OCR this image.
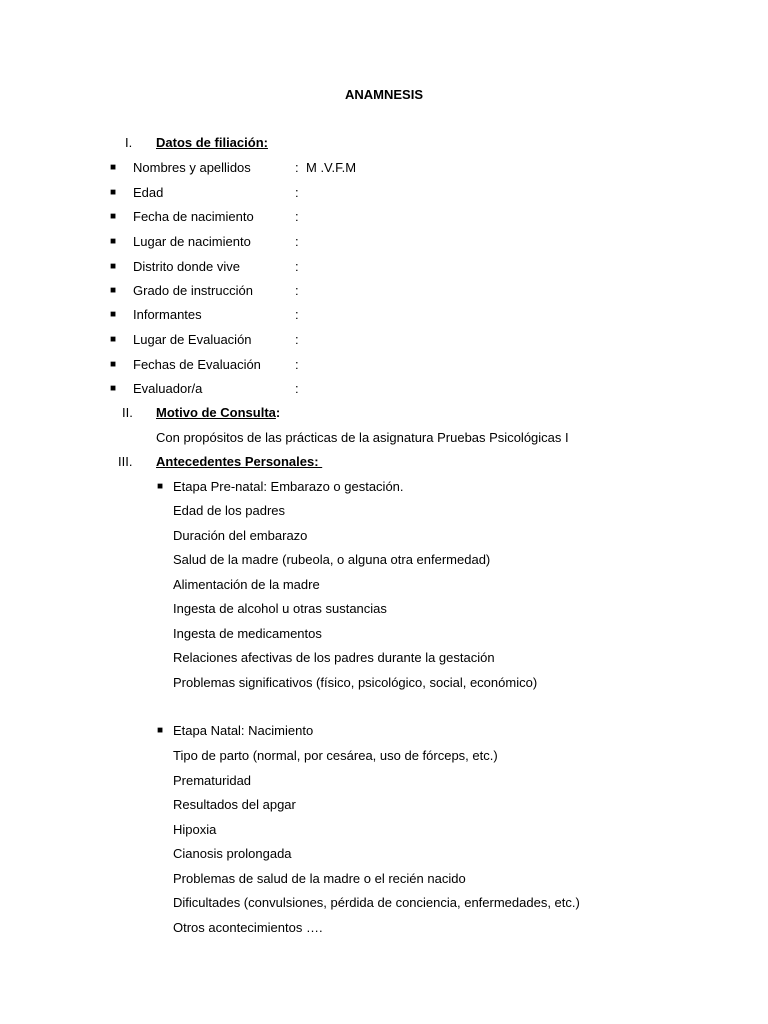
ANAMNESIS
I. Datos de filiación:
■ Nombres y apellidos	: M .V.F.M
■ Edad	:
■ Fecha de nacimiento	:
■ Lugar de nacimiento	:
■ Distrito donde vive	:
■ Grado de instrucción	:
■ Informantes	:
■ Lugar de Evaluación	:
■ Fechas de Evaluación	:
■ Evaluador/a	:
II. Motivo de Consulta:
Con propósitos de las prácticas de la asignatura Pruebas Psicológicas I
III. Antecedentes Personales:
■ Etapa Pre-natal: Embarazo o gestación.
Edad de los padres
Duración del embarazo
Salud de la madre (rubeola, o alguna otra enfermedad)
Alimentación de la madre
Ingesta de alcohol u otras sustancias
Ingesta de medicamentos
Relaciones afectivas de los padres durante la gestación
Problemas significativos (físico, psicológico, social, económico)
■ Etapa Natal: Nacimiento
Tipo de parto (normal, por cesárea, uso de fórceps, etc.)
Prematuridad
Resultados del apgar
Hipoxia
Cianosis prolongada
Problemas de salud de la madre o el recién nacido
Dificultades (convulsiones, pérdida de conciencia, enfermedades, etc.)
Otros acontecimientos ….
